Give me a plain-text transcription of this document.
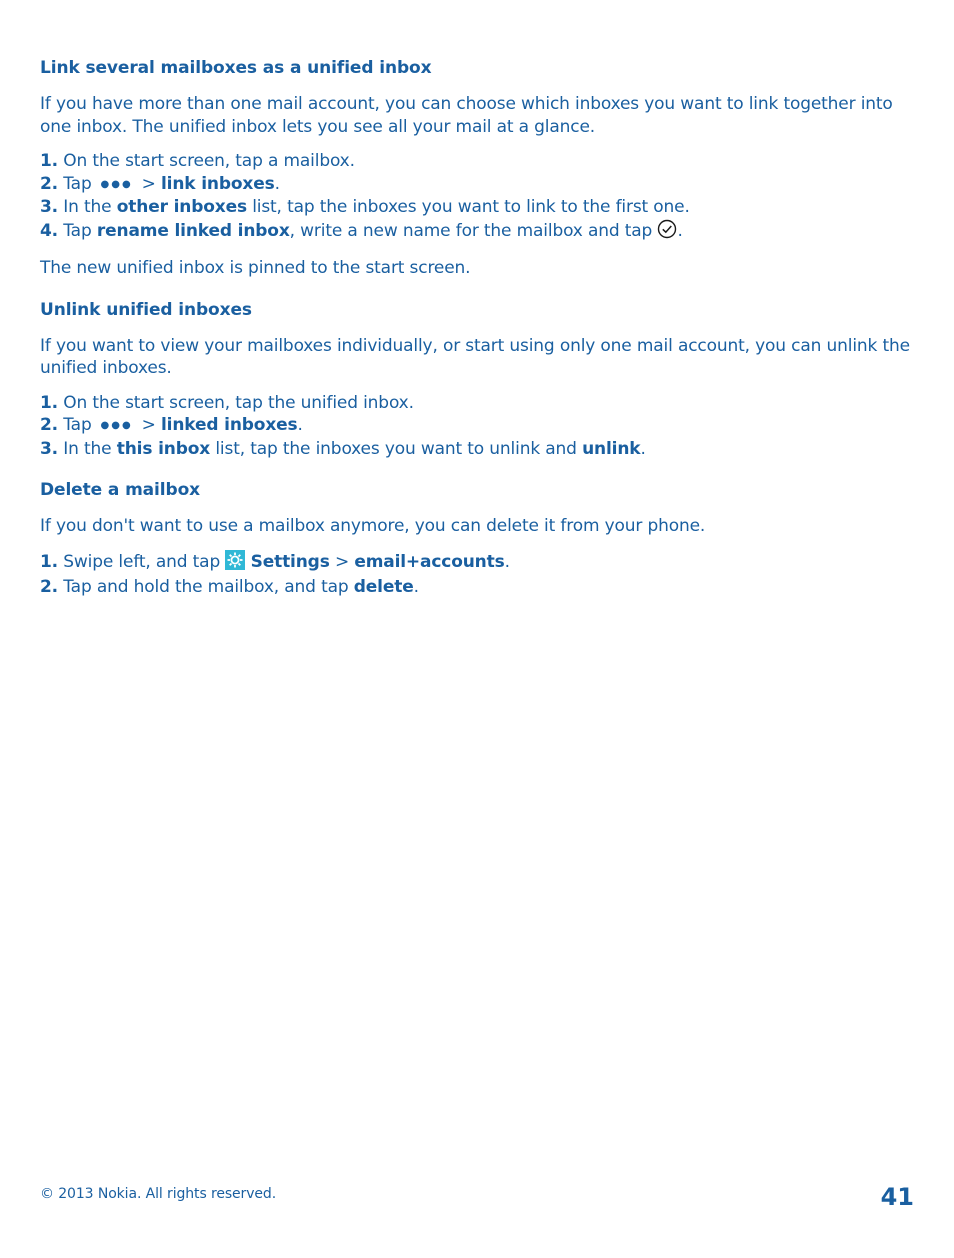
Link several mailboxes as a unified inbox

If you have more than one mail account, you can choose which inboxes you want to link together into one inbox. The unified inbox lets you see all your mail at a glance.

1. On the start screen, tap a mailbox.
2. Tap ●●● > link inboxes.
3. In the other inboxes list, tap the inboxes you want to link to the first one.
4. Tap rename linked inbox, write a new name for the mailbox and tap .

The new unified inbox is pinned to the start screen.

Unlink unified inboxes

If you want to view your mailboxes individually, or start using only one mail account, you can unlink the unified inboxes.

1. On the start screen, tap the unified inbox.
2. Tap ●●● > linked inboxes.
3. In the this inbox list, tap the inboxes you want to unlink and unlink.
Delete a mailbox

If you don't want to use a mailbox anymore, you can delete it from your phone.

1. Swipe left, and tap Settings > email+accounts.
2. Tap and hold the mailbox, and tap delete.
© 2013 Nokia. All rights reserved.	41
